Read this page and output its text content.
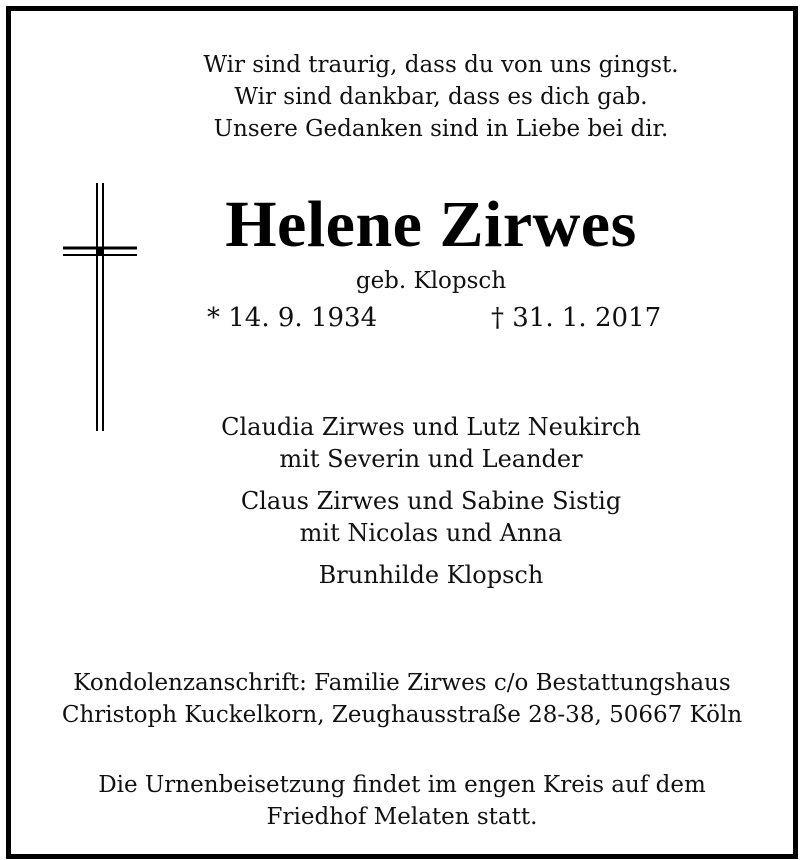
Wir sind traurig, dass du von uns gingst.
Wir sind dankbar, dass es dich gab.
Unsere Gedanken sind in Liebe bei dir.
Helene Zirwes
geb. Klopsch
* 14. 9. 1934	† 31. 1. 2017
Claudia Zirwes und Lutz Neukirch
mit Severin und Leander
Claus Zirwes und Sabine Sistig
mit Nicolas und Anna
Brunhilde Klopsch
Kondolenzanschrift: Familie Zirwes c/o Bestattungshaus
Christoph Kuckelkorn, Zeughausstraße 28-38, 50667 Köln
Die Urnenbeisetzung findet im engen Kreis auf dem
Friedhof Melaten statt.
